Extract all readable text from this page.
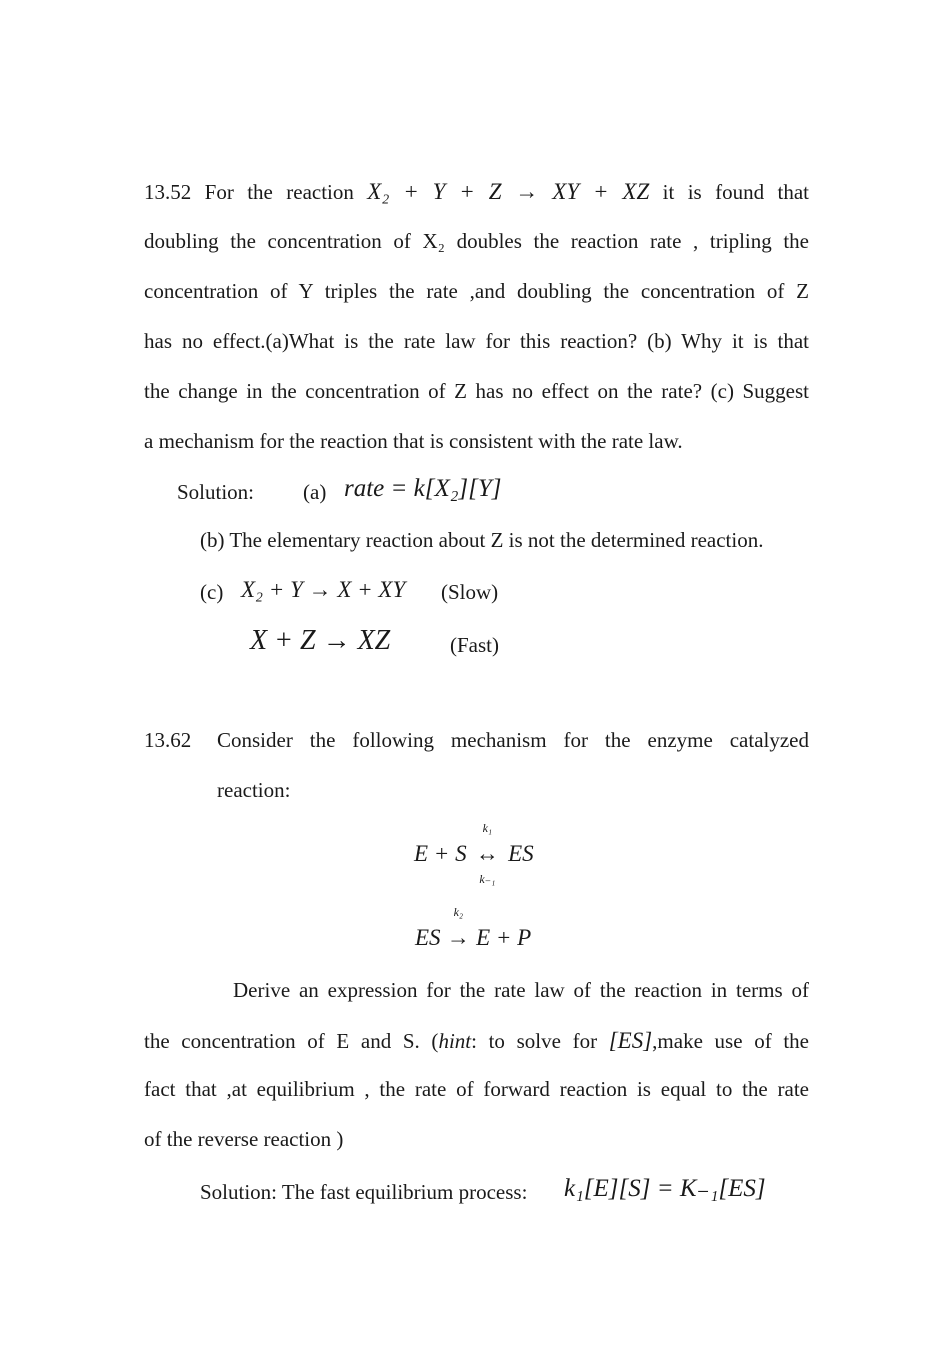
13.52 For the reaction X₂ + Y + Z → XY + XZ it is found that
doubling the concentration of X₂ doubles the reaction rate , tripling the
concentration of Y triples the rate ,and doubling the concentration of Z
has no effect.(a)What is the rate law for this reaction? (b) Why it is that
the change in the concentration of Z has no effect on the rate? (c) Suggest
a mechanism for the reaction that is consistent with the rate law.
Solution: (a) rate = k[X₂][Y]
(b) The elementary reaction about Z is not the determined reaction.
(c) X₂ + Y → X + XY (Slow)
X + Z → XZ	(Fast)
13.62 Consider the following mechanism for the enzyme catalyzed
reaction:
E + S
k₁
↔
k₋₁
ES
ES
k₂
→ E + P
Derive an expression for the rate law of the reaction in terms of
the concentration of E and S. (hint: to solve for [ES],make use of the
fact that ,at equilibrium , the rate of forward reaction is equal to the rate
of the reverse reaction )
Solution: The fast equilibrium process: k₁[E][S] = K₋₁[ES]
